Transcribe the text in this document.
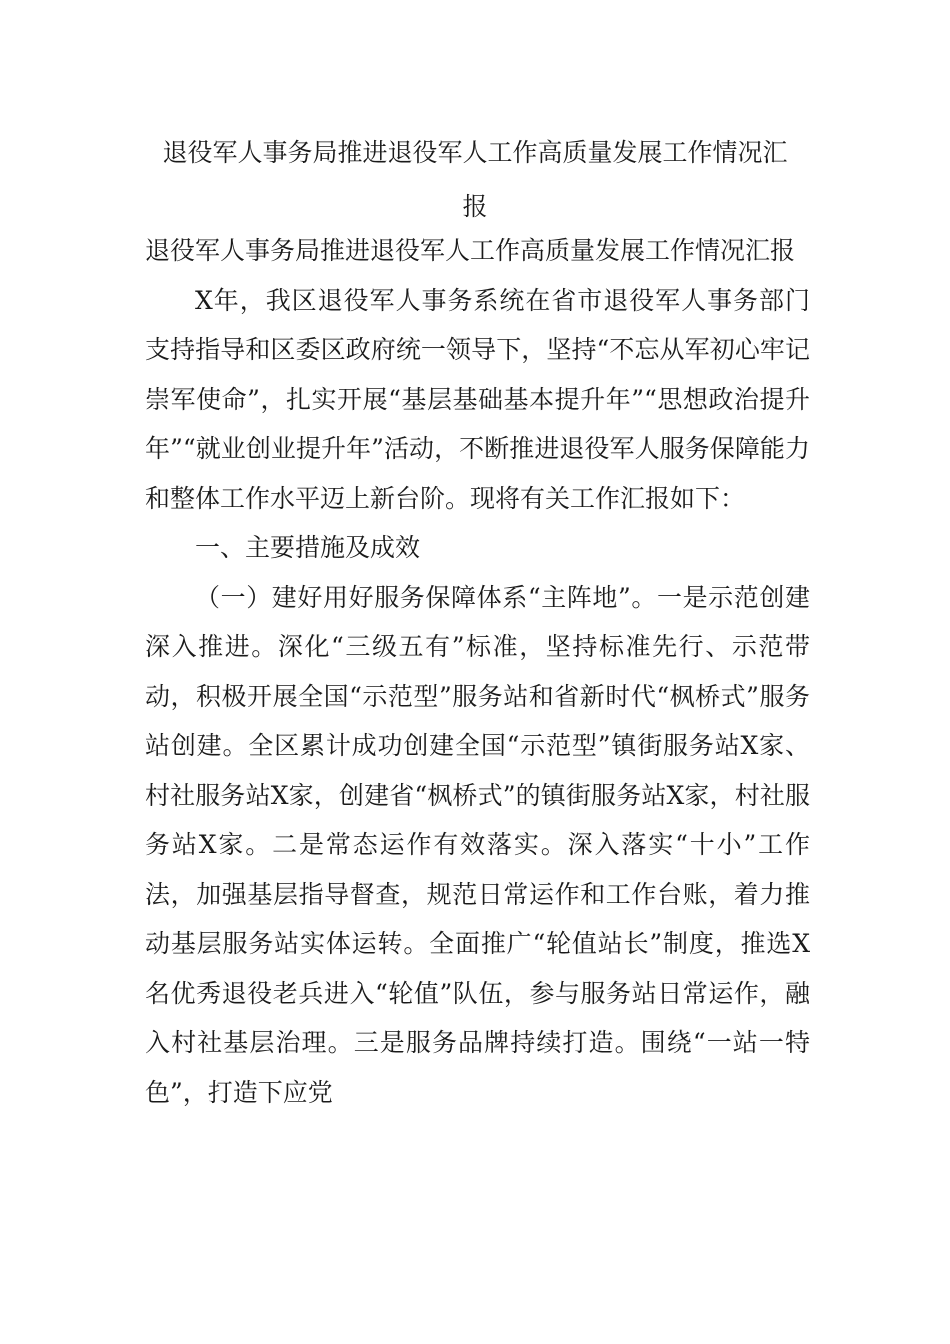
退役军人事务局推进退役军人工作高质量发展工作情况汇
报

退役军人事务局推进退役军人工作高质量发展工作情况汇报

X年，我区退役军人事务系统在省市退役军人事务部门支持指导和区委区政府统一领导下，坚持“不忘从军初心牢记崇军使命”，扎实开展“基层基础基本提升年”“思想政治提升年”“就业创业提升年”活动，不断推进退役军人服务保障能力和整体工作水平迈上新台阶。现将有关工作汇报如下：

一、主要措施及成效

（一）建好用好服务保障体系“主阵地”。一是示范创建深入推进。深化“三级五有”标准，坚持标准先行、示范带动，积极开展全国“示范型”服务站和省新时代“枫桥式”服务站创建。全区累计成功创建全国“示范型”镇街服务站X家、村社服务站X家，创建省“枫桥式”的镇街服务站X家，村社服务站X家。二是常态运作有效落实。深入落实“十小”工作法，加强基层指导督查，规范日常运作和工作台账，着力推动基层服务站实体运转。全面推广“轮值站长”制度，推选X名优秀退役老兵进入“轮值”队伍，参与服务站日常运作，融入村社基层治理。三是服务品牌持续打造。围绕“一站一特色”，打造下应党
